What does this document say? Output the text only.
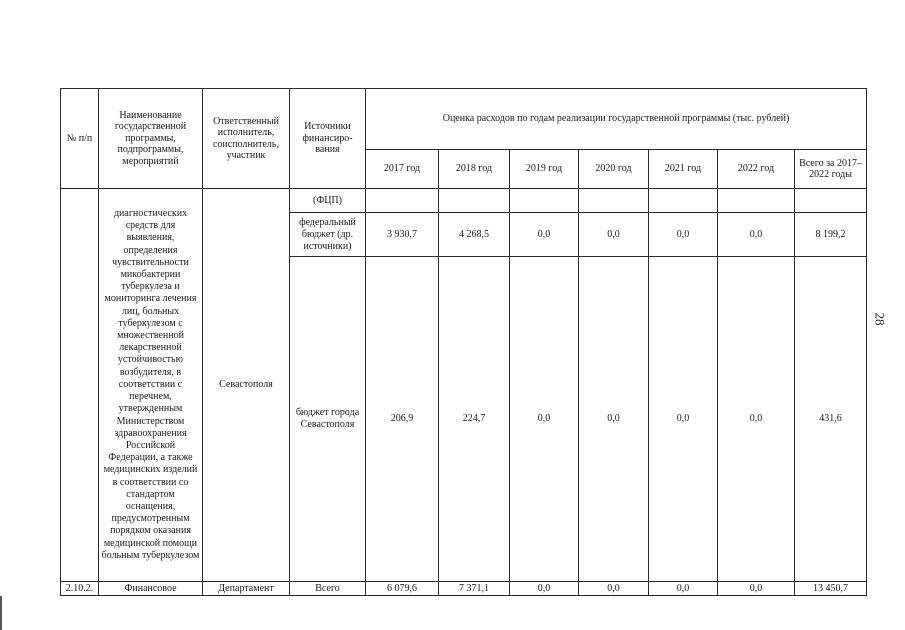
№ п/п	Наименование государственной программы, подпрограммы, мероприятий	Ответственный исполнитель, соисполнитель, участник	Источники финансиро-вания	Оценка расходов по годам реализации государственной программы (тыс. рублей)						
				2017 год	2018 год	2019 год	2020 год	2021 год	2022 год	Всего за 2017–2022 годы
	диагностических средств для выявления, определения чувствительности микобактерии туберкулеза и мониторинга лечения лиц, больных туберкулезом с множественной лекарственной устойчивостью возбудителя, в соответствии с перечнем, утвержденным Министерством здравоохранения Российской Федерации, а также медицинских изделий в соответствии со стандартом оснащения, предусмотренным порядком оказания медицинской помощи больным туберкулезом	Севастополя	(ФЦП)							
			федеральный бюджет (др. источники)	3 930,7	4 268,5	0,0	0,0	0,0	0,0	8 199,2
			бюджет города Севастополя	206,9	224,7	0,0	0,0	0,0	0,0	431,6
2.10.2.	Финансовое	Департамент	Всего	6 079,6	7 371,1	0,0	0,0	0,0	0,0	13 450,7
28
